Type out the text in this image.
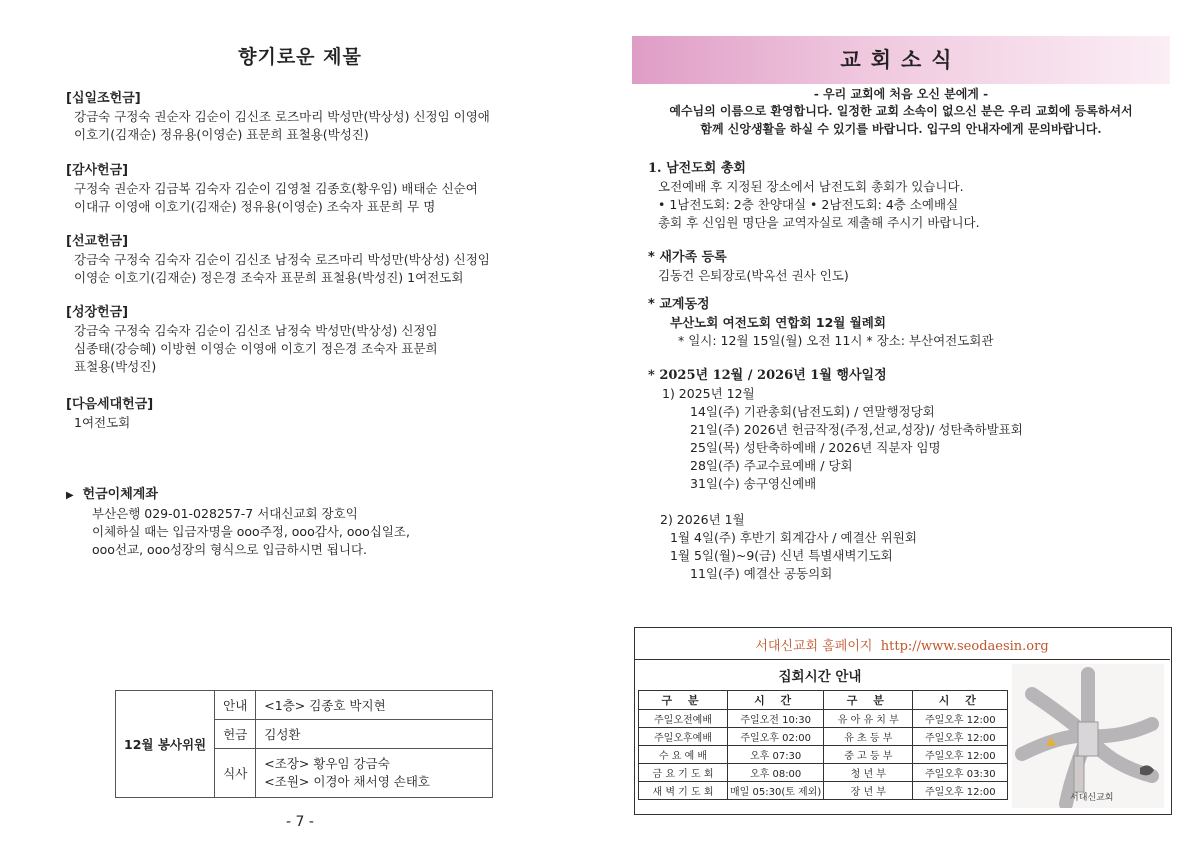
향기로운 제물
[십일조헌금]
강금숙 구정숙 권순자 김순이 김신조 로즈마리 박성만(박상성) 신정임 이영애
이호기(김재순) 정유용(이영순) 표문희 표철용(박성진)
[감사헌금]
구정숙 권순자 김금복 김숙자 김순이 김영철 김종호(황우임) 배태순 신순여
이대규 이영애 이호기(김재순) 정유용(이영순) 조숙자 표문희 무 명
[선교헌금]
강금숙 구정숙 김숙자 김순이 김신조 남정숙 로즈마리 박성만(박상성) 신정임
이영순 이호기(김재순) 정은경 조숙자 표문희 표철용(박성진) 1여전도회
[성장헌금]
강금숙 구정숙 김숙자 김순이 김신조 남정숙 박성만(박상성) 신정임
심종태(강승혜) 이방현 이영순 이영애 이호기 정은경 조숙자 표문희
표철용(박성진)
[다음세대헌금]
1여전도회
▶ 헌금이체계좌
부산은행 029-01-028257-7 서대신교회 장호익
이체하실 때는 입금자명을 ooo주정, ooo감사, ooo십일조,
ooo선교, ooo성장의 형식으로 입금하시면 됩니다.
12월 봉사위원	안내	<1층> 김종호 박지현
	헌금	김성환
	식사	<조장> 황우임 강금숙
<조원> 이경아 채서영 손태호
- 7 -
교회소식
- 우리 교회에 처음 오신 분에게 -
예수님의 이름으로 환영합니다. 일정한 교회 소속이 없으신 분은 우리 교회에 등록하셔서
함께 신앙생활을 하실 수 있기를 바랍니다. 입구의 안내자에게 문의바랍니다.
1. 남전도회 총회
오전예배 후 지정된 장소에서 남전도회 총회가 있습니다.
• 1남전도회: 2층 찬양대실 • 2남전도회: 4층 소예배실
총회 후 신임원 명단을 교역자실로 제출해 주시기 바랍니다.
* 새가족 등록
김동건 은퇴장로(박옥선 권사 인도)
* 교계동정
부산노회 여전도회 연합회 12월 월례회
* 일시: 12월 15일(월) 오전 11시 * 장소: 부산여전도회관
* 2025년 12월 / 2026년 1월 행사일정
1) 2025년 12월
14일(주) 기관총회(남전도회) / 연말행정당회
21일(주) 2026년 헌금작정(주정,선교,성장)/ 성탄축하발표회
25일(목) 성탄축하예배 / 2026년 직분자 임명
28일(주) 주교수료예배 / 당회
31일(수) 송구영신예배
2) 2026년 1월
1월 4일(주) 후반기 회계감사 / 예결산 위원회
1월 5일(월)~9(금) 신년 특별새벽기도회
11일(주) 예결산 공동의회
서대신교회 홈페이지 http://www.seodaesin.org
집회시간 안내
구 분	시 간	구 분	시 간
주일오전예배	주일오전 10:30	유 아 유 치 부	주일오후 12:00
주일오후예배	주일오후 02:00	유 초 등 부	주일오후 12:00
수 요 예 배	오후 07:30	중 고 등 부	주일오후 12:00
금 요 기 도 회	오후 08:00	청 년 부	주일오후 03:30
새 벽 기 도 회	매일 05:30(토 제외)	장 년 부	주일오후 12:00	서대신교회
